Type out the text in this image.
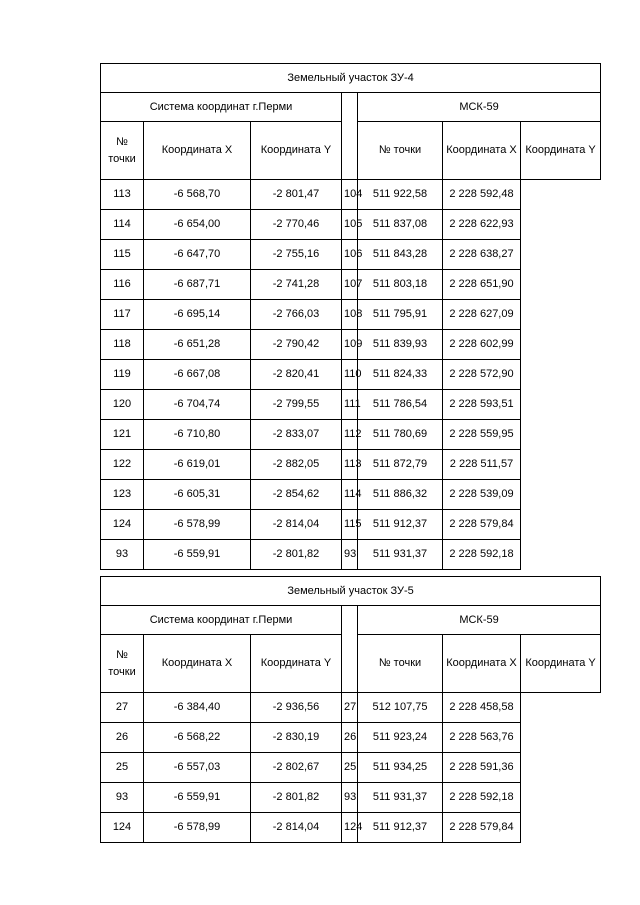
Земельный участок ЗУ-4						
Система координат г.Перми				МСК-59		
№ точки	Координата X	Координата Y		№ точки	Координата X	Координата Y
113	-6 568,70	-2 801,47	104	511 922,58	2 228 592,48	
114	-6 654,00	-2 770,46	105	511 837,08	2 228 622,93	
115	-6 647,70	-2 755,16	106	511 843,28	2 228 638,27	
116	-6 687,71	-2 741,28	107	511 803,18	2 228 651,90	
117	-6 695,14	-2 766,03	108	511 795,91	2 228 627,09	
118	-6 651,28	-2 790,42	109	511 839,93	2 228 602,99	
119	-6 667,08	-2 820,41	110	511 824,33	2 228 572,90	
120	-6 704,74	-2 799,55	111	511 786,54	2 228 593,51	
121	-6 710,80	-2 833,07	112	511 780,69	2 228 559,95	
122	-6 619,01	-2 882,05	113	511 872,79	2 228 511,57	
123	-6 605,31	-2 854,62	114	511 886,32	2 228 539,09	
124	-6 578,99	-2 814,04	115	511 912,37	2 228 579,84	
93	-6 559,91	-2 801,82	93	511 931,37	2 228 592,18	
Земельный участок ЗУ-5						
Система координат г.Перми				МСК-59		
№ точки	Координата X	Координата Y		№ точки	Координата X	Координата Y
27	-6 384,40	-2 936,56	27	512 107,75	2 228 458,58	
26	-6 568,22	-2 830,19	26	511 923,24	2 228 563,76	
25	-6 557,03	-2 802,67	25	511 934,25	2 228 591,36	
93	-6 559,91	-2 801,82	93	511 931,37	2 228 592,18	
124	-6 578,99	-2 814,04	124	511 912,37	2 228 579,84	
